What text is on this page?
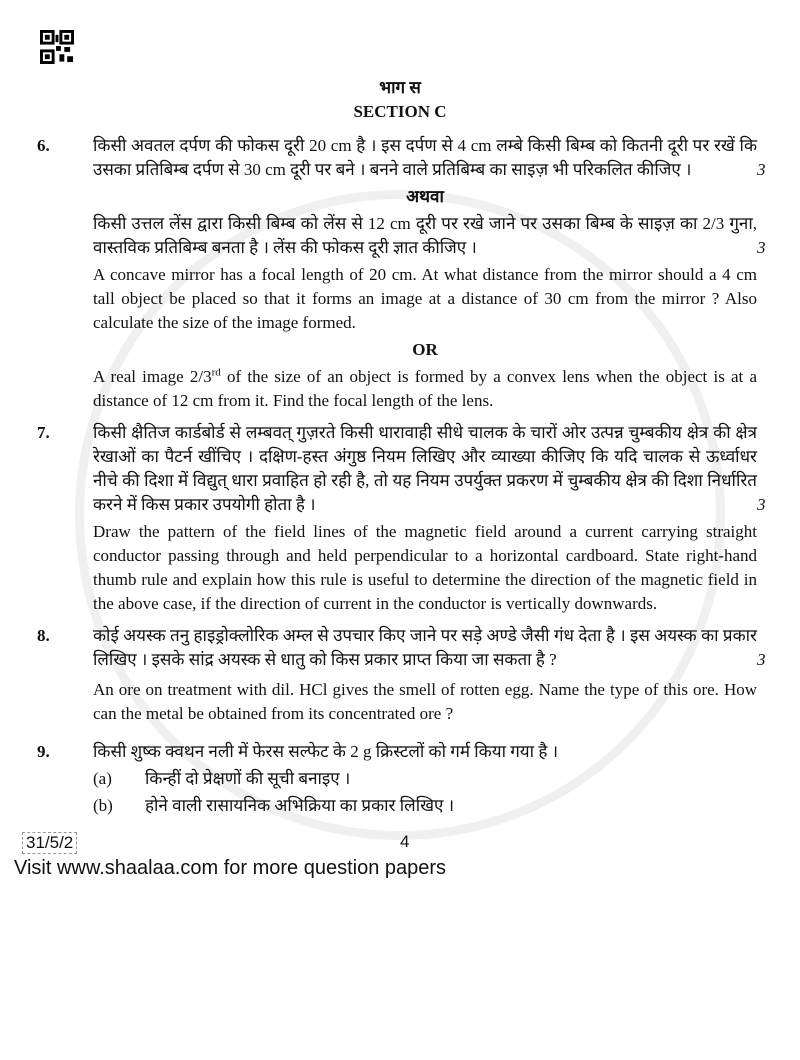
भाग स
SECTION C
6.	किसी अवतल दर्पण की फोकस दूरी 20 cm है । इस दर्पण से 4 cm लम्बे किसी बिम्ब को कितनी दूरी पर रखें कि उसका प्रतिबिम्ब दर्पण से 30 cm दूरी पर बने । बनने वाले प्रतिबिम्ब का साइज़ भी परिकलित कीजिए ।	3
अथवा
किसी उत्तल लेंस द्वारा किसी बिम्ब को लेंस से 12 cm दूरी पर रखे जाने पर उसका बिम्ब के साइज़ का 2/3 गुना, वास्तविक प्रतिबिम्ब बनता है । लेंस की फोकस दूरी ज्ञात कीजिए ।	3
A concave mirror has a focal length of 20 cm. At what distance from the mirror should a 4 cm tall object be placed so that it forms an image at a distance of 30 cm from the mirror ? Also calculate the size of the image formed.
OR
A real image 2/3rd of the size of an object is formed by a convex lens when the object is at a distance of 12 cm from it. Find the focal length of the lens.
7.	किसी क्षैतिज कार्डबोर्ड से लम्बवत् गुज़रते किसी धारावाही सीधे चालक के चारों ओर उत्पन्न चुम्बकीय क्षेत्र की क्षेत्र रेखाओं का पैटर्न खींचिए । दक्षिण-हस्त अंगुष्ठ नियम लिखिए और व्याख्या कीजिए कि यदि चालक से ऊर्ध्वाधर नीचे की दिशा में विद्युत् धारा प्रवाहित हो रही है, तो यह नियम उपर्युक्त प्रकरण में चुम्बकीय क्षेत्र की दिशा निर्धारित करने में किस प्रकार उपयोगी होता है ।	3
Draw the pattern of the field lines of the magnetic field around a current carrying straight conductor passing through and held perpendicular to a horizontal cardboard. State right-hand thumb rule and explain how this rule is useful to determine the direction of the magnetic field in the above case, if the direction of current in the conductor is vertically downwards.
8.	कोई अयस्क तनु हाइड्रोक्लोरिक अम्ल से उपचार किए जाने पर सड़े अण्डे जैसी गंध देता है । इस अयस्क का प्रकार लिखिए । इसके सांद्र अयस्क से धातु को किस प्रकार प्राप्त किया जा सकता है ?	3
An ore on treatment with dil. HCl gives the smell of rotten egg. Name the type of this ore. How can the metal be obtained from its concentrated ore ?
9.	किसी शुष्क क्वथन नली में फेरस सल्फेट के 2 g क्रिस्टलों को गर्म किया गया है ।
(a)	किन्हीं दो प्रेक्षणों की सूची बनाइए ।
(b)	होने वाली रासायनिक अभिक्रिया का प्रकार लिखिए ।
31/5/2	4
Visit www.shaalaa.com for more question papers
